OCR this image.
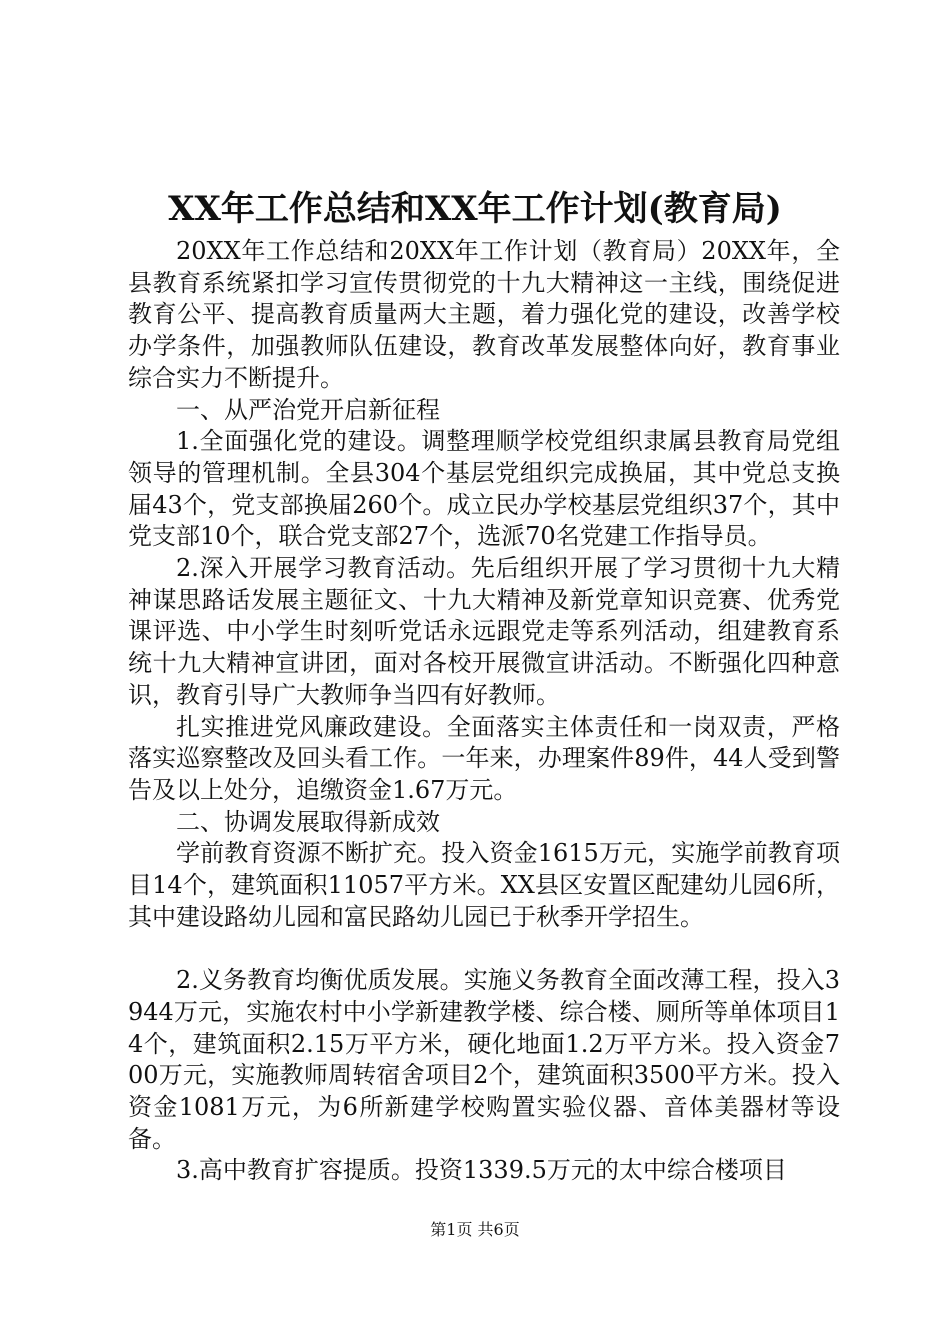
XX年工作总结和XX年工作计划(教育局)

20XX年工作总结和20XX年工作计划（教育局）20XX年，全县教育系统紧扣学习宣传贯彻党的十九大精神这一主线，围绕促进教育公平、提高教育质量两大主题，着力强化党的建设，改善学校办学条件，加强教师队伍建设，教育改革发展整体向好，教育事业综合实力不断提升。

一、从严治党开启新征程

1.全面强化党的建设。调整理顺学校党组织隶属县教育局党组领导的管理机制。全县304个基层党组织完成换届，其中党总支换届43个，党支部换届260个。成立民办学校基层党组织37个，其中党支部10个，联合党支部27个，选派70名党建工作指导员。

2.深入开展学习教育活动。先后组织开展了学习贯彻十九大精神谋思路话发展主题征文、十九大精神及新党章知识竞赛、优秀党课评选、中小学生时刻听党话永远跟党走等系列活动，组建教育系统十九大精神宣讲团，面对各校开展微宣讲活动。不断强化四种意识，教育引导广大教师争当四有好教师。

扎实推进党风廉政建设。全面落实主体责任和一岗双责，严格落实巡察整改及回头看工作。一年来，办理案件89件，44人受到警告及以上处分，追缴资金1.67万元。

二、协调发展取得新成效

学前教育资源不断扩充。投入资金1615万元，实施学前教育项目14个，建筑面积11057平方米。XX县区安置区配建幼儿园6所，其中建设路幼儿园和富民路幼儿园已于秋季开学招生。

2.义务教育均衡优质发展。实施义务教育全面改薄工程，投入3944万元，实施农村中小学新建教学楼、综合楼、厕所等单体项目14个，建筑面积2.15万平方米，硬化地面1.2万平方米。投入资金700万元，实施教师周转宿舍项目2个，建筑面积3500平方米。投入资金1081万元，为6所新建学校购置实验仪器、音体美器材等设备。

3.高中教育扩容提质。投资1339.5万元的太中综合楼项目

第1页 共6页
